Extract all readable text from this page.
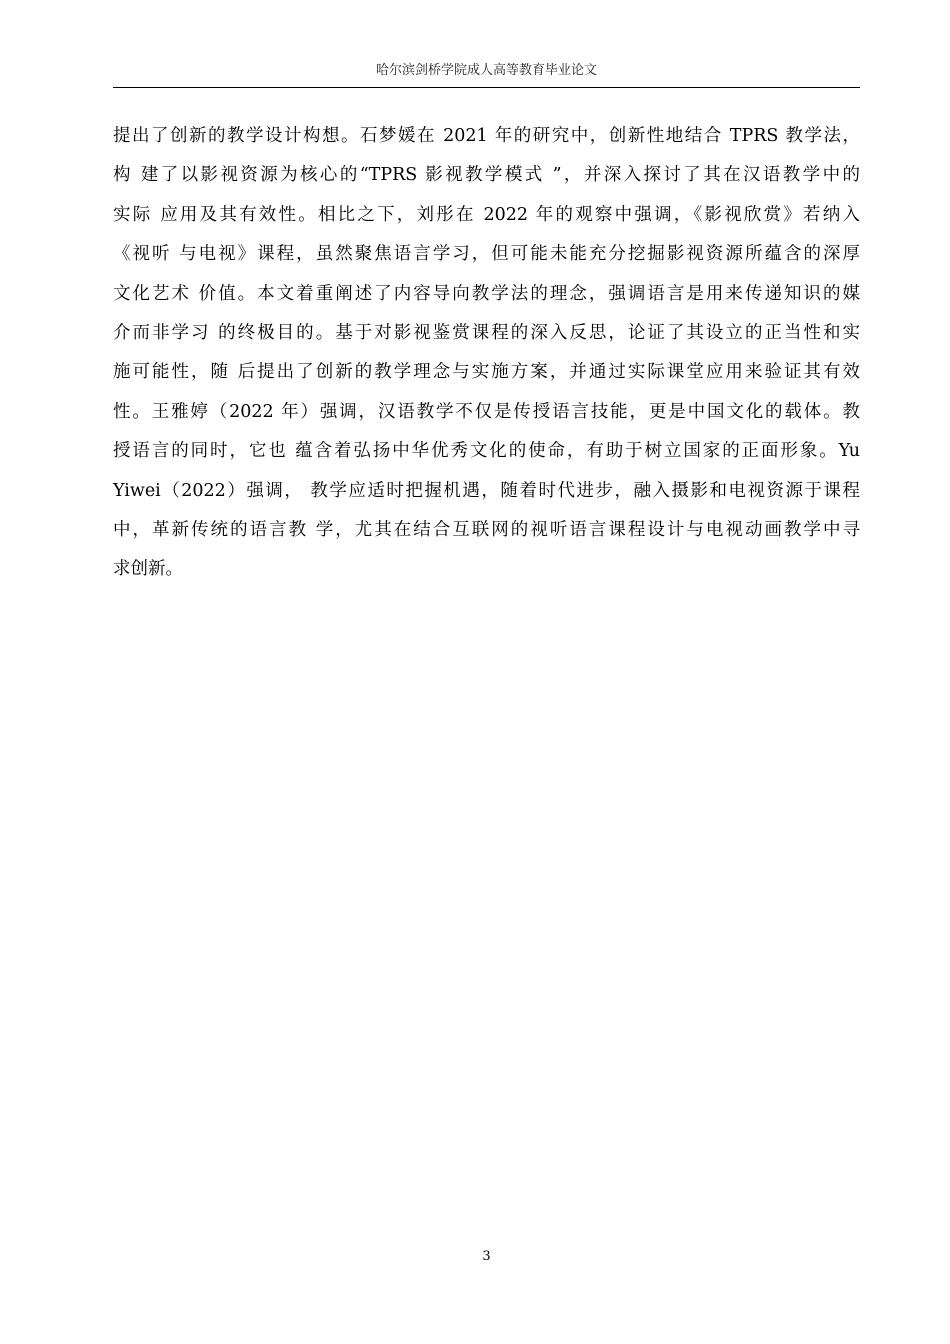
哈尔滨剑桥学院成人高等教育毕业论文
提出了创新的教学设计构想。石梦媛在 2021 年的研究中，创新性地结合 TPRS 教学法，
构 建了以影视资源为核心的“TPRS 影视教学模式 ”，并深入探讨了其在汉语教学中的
实际 应用及其有效性。相比之下，刘彤在 2022 年的观察中强调，《影视欣赏》若纳入
《视听 与电视》课程，虽然聚焦语言学习，但可能未能充分挖掘影视资源所蕴含的深厚
文化艺术 价值。本文着重阐述了内容导向教学法的理念，强调语言是用来传递知识的媒
介而非学习 的终极目的。基于对影视鉴赏课程的深入反思，论证了其设立的正当性和实
施可能性，随 后提出了创新的教学理念与实施方案，并通过实际课堂应用来验证其有效
性。王雅婷（2022 年）强调，汉语教学不仅是传授语言技能，更是中国文化的载体。教
授语言的同时，它也 蕴含着弘扬中华优秀文化的使命，有助于树立国家的正面形象。Yu
Yiwei（2022）强调， 教学应适时把握机遇，随着时代进步，融入摄影和电视资源于课程
中，革新传统的语言教 学，尤其在结合互联网的视听语言课程设计与电视动画教学中寻
求创新。
3
